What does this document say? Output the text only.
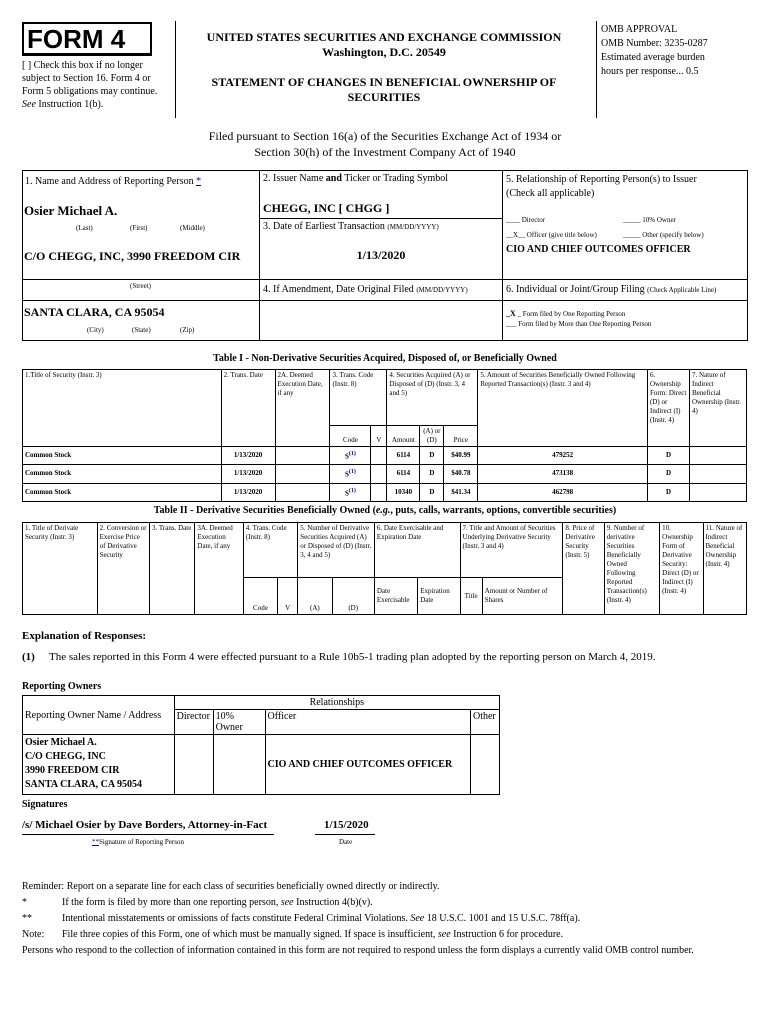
FORM 4
[ ] Check this box if no longer subject to Section 16. Form 4 or Form 5 obligations may continue. See Instruction 1(b).
UNITED STATES SECURITIES AND EXCHANGE COMMISSION
Washington, D.C. 20549
STATEMENT OF CHANGES IN BENEFICIAL OWNERSHIP OF SECURITIES
OMB APPROVAL
OMB Number: 3235-0287
Estimated average burden
hours per response... 0.5
Filed pursuant to Section 16(a) of the Securities Exchange Act of 1934 or
Section 30(h) of the Investment Company Act of 1940
1. Name and Address of Reporting Person *
Osier Michael A.
(Last)	(First)	(Middle)
C/O CHEGG, INC, 3990 FREEDOM CIR
(Street)
SANTA CLARA, CA 95054
(City)	(State)	(Zip)
2. Issuer Name and Ticker or Trading Symbol
CHEGG, INC [ CHGG ]
3. Date of Earliest Transaction (MM/DD/YYYY)
1/13/2020
4. If Amendment, Date Original Filed (MM/DD/YYYY)
5. Relationship of Reporting Person(s) to Issuer
(Check all applicable)
____ Director	_____ 10% Owner
__X__ Officer (give title below)	_____ Other (specify below)
CIO AND CHIEF OUTCOMES OFFICER
6. Individual or Joint/Group Filing (Check Applicable Line)
_X _ Form filed by One Reporting Person
___ Form filed by More than One Reporting Person
Table I - Non-Derivative Securities Acquired, Disposed of, or Beneficially Owned
1.Title of Security (Instr. 3)	2. Trans. Date	2A. Deemed Execution Date, if any	3. Trans. Code (Instr. 8)		4. Securities Acquired (A) or Disposed of (D) (Instr. 3, 4 and 5)			5. Amount of Securities Beneficially Owned Following Reported Transaction(s) (Instr. 3 and 4)	6. Ownership Form: Direct (D) or Indirect (I) (Instr. 4)	7. Nature of Indirect Beneficial Ownership (Instr. 4)
			Code	V	Amount	(A) or (D)	Price			
Common Stock	1/13/2020		$S^{(1)}$		6114	D	$40.99	479252	D	
Common Stock	1/13/2020		$S^{(1)}$		6114	D	$40.78	473138	D	
Common Stock	1/13/2020		$S^{(1)}$		10340	D	$41.34	462798	D	
Table II - Derivative Securities Beneficially Owned (e.g., puts, calls, warrants, options, convertible securities)
1. Title of Derivate Security (Instr. 3)	2. Conversion or Exercise Price of Derivative Security	3. Trans. Date	3A. Deemed Execution Date, if any	4. Trans. Code (Instr. 8)		5. Number of Derivative Securities Acquired (A) or Disposed of (D) (Instr. 3, 4 and 5)		6. Date Exercisable and Expiration Date		7. Title and Amount of Securities Underlying Derivative Security (Instr. 3 and 4)		8. Price of Derivative Security (Instr. 5)	9. Number of derivative Securities Beneficially Owned Following Reported Transaction(s) (Instr. 4)	10. Ownership Form of Derivative Security: Direct (D) or Indirect (I) (Instr. 4)	11. Nature of Indirect Beneficial Ownership (Instr. 4)
				Code	V	(A)	(D)	Date Exercisable	Expiration Date	Title	Amount or Number of Shares				
Explanation of Responses:
(1) The sales reported in this Form 4 were effected pursuant to a Rule 10b5-1 trading plan adopted by the reporting person on March 4, 2019.
Reporting Owners
Reporting Owner Name / Address	Relationships			
	Director	10% Owner	Officer	Other

Osier Michael A.
C/O CHEGG, INC
3990 FREEDOM CIR
SANTA CLARA, CA 95054			CIO AND CHIEF OUTCOMES OFFICER	
Signatures
/s/ Michael Osier by Dave Borders, Attorney-in-Fact	1/15/2020
**Signature of Reporting Person	Date
Reminder: Report on a separate line for each class of securities beneficially owned directly or indirectly.
*	If the form is filed by more than one reporting person, see Instruction 4(b)(v).
**	Intentional misstatements or omissions of facts constitute Federal Criminal Violations. See 18 U.S.C. 1001 and 15 U.S.C. 78ff(a).
Note:	File three copies of this Form, one of which must be manually signed. If space is insufficient, see Instruction 6 for procedure.
Persons who respond to the collection of information contained in this form are not required to respond unless the form displays a currently valid OMB control number.
